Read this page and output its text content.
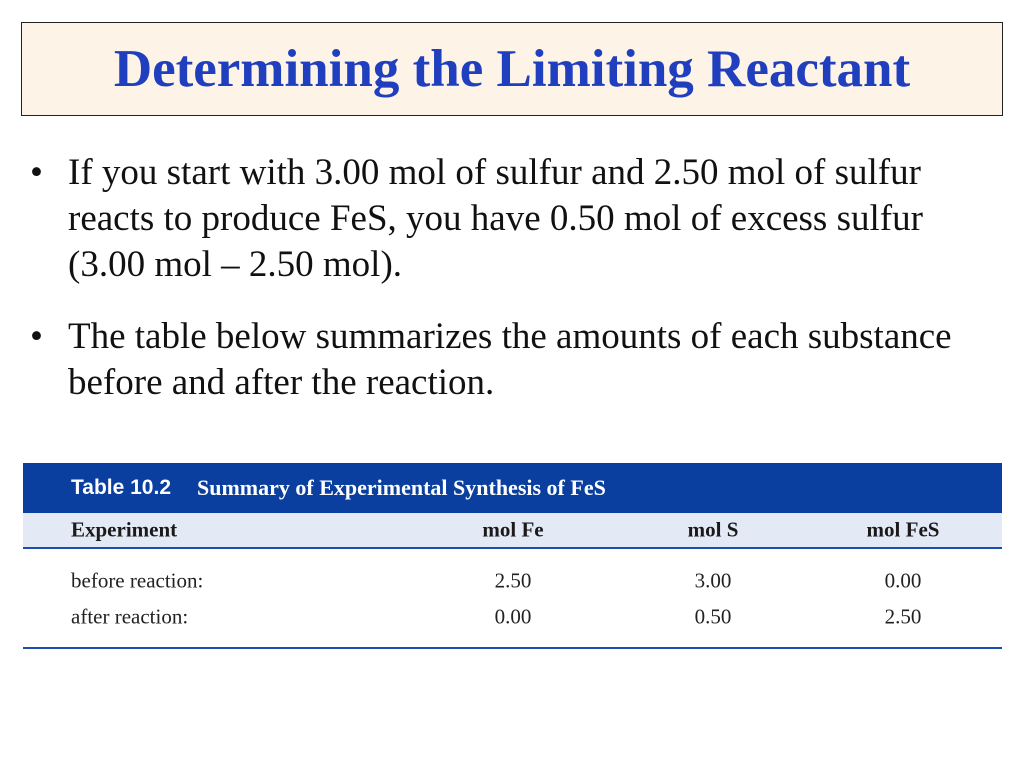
Determining the Limiting Reactant
• If you start with 3.00 mol of sulfur and 2.50 mol of sulfur reacts to produce FeS, you have 0.50 mol of excess sulfur (3.00 mol – 2.50 mol).
• The table below summarizes the amounts of each substance before and after the reaction.
Table 10.2 Summary of Experimental Synthesis of FeS
Experiment	mol Fe	mol S	mol FeS
before reaction:	2.50	3.00	0.00
after reaction:	0.00	0.50	2.50
